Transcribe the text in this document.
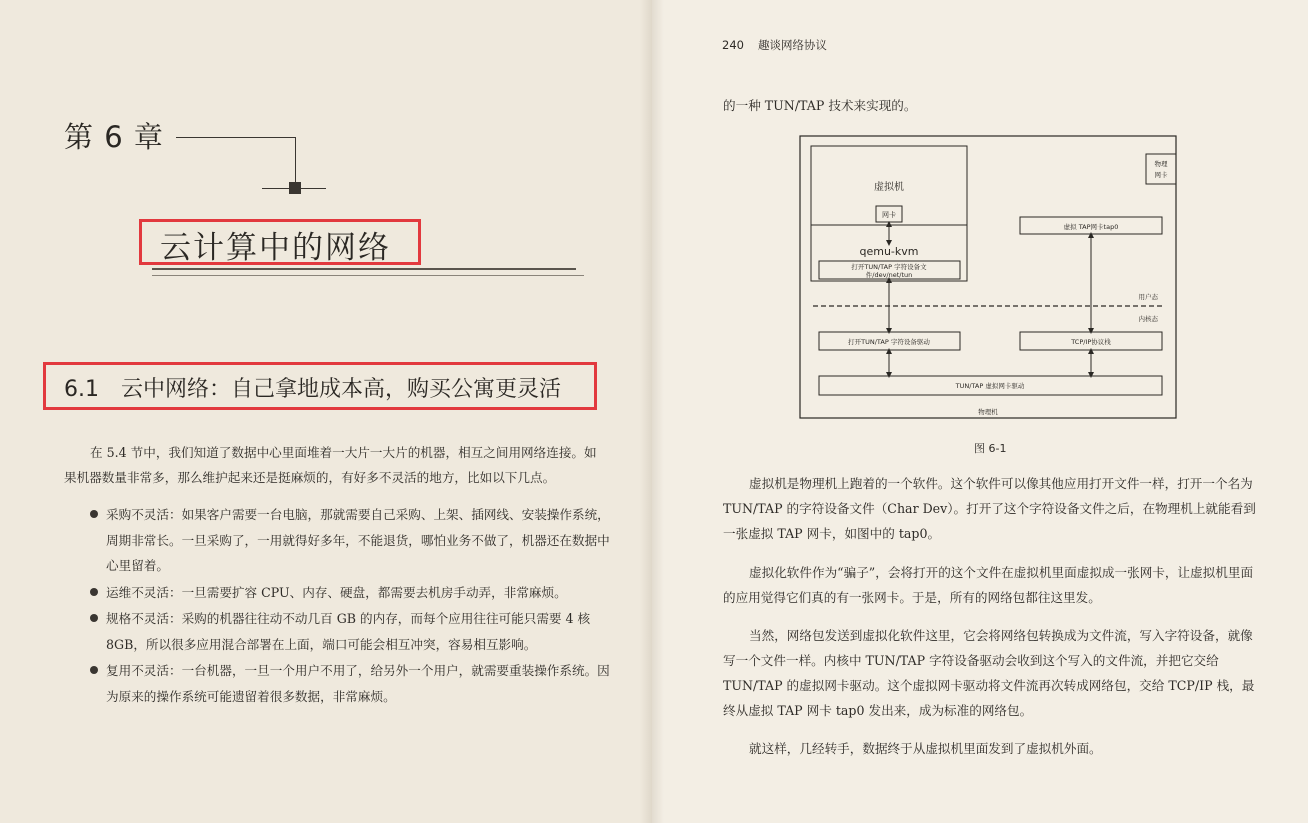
第 6 章
云计算中的网络
6.1　云中网络：自己拿地成本高，购买公寓更灵活
在 5.4 节中，我们知道了数据中心里面堆着一大片一大片的机器，相互之间用网络连接。如果机器数量非常多，那么维护起来还是挺麻烦的，有好多不灵活的地方，比如以下几点。
采购不灵活：如果客户需要一台电脑，那就需要自己采购、上架、插网线、安装操作系统，周期非常长。一旦采购了，一用就得好多年，不能退货，哪怕业务不做了，机器还在数据中心里留着。
运维不灵活：一旦需要扩容 CPU、内存、硬盘，都需要去机房手动弄，非常麻烦。
规格不灵活：采购的机器往往动不动几百 GB 的内存，而每个应用往往可能只需要 4 核 8GB，所以很多应用混合部署在上面，端口可能会相互冲突，容易相互影响。
复用不灵活：一台机器，一旦一个用户不用了，给另外一个用户，就需要重装操作系统。因为原来的操作系统可能遗留着很多数据，非常麻烦。
240 趣谈网络协议
的一种 TUN/TAP 技术来实现的。
虚拟机
网卡
qemu-kvm
打开TUN/TAP 字符设备文
件/dev/net/tun
物理
网卡
虚拟 TAP网卡tap0
用户态
内核态
打开TUN/TAP 字符设备驱动	TCP/IP协议栈
TUN/TAP 虚拟网卡驱动
物理机
图 6-1
虚拟机是物理机上跑着的一个软件。这个软件可以像其他应用打开文件一样，打开一个名为 TUN/TAP 的字符设备文件（Char Dev）。打开了这个字符设备文件之后，在物理机上就能看到一张虚拟 TAP 网卡，如图中的 tap0。
虚拟化软件作为“骗子”，会将打开的这个文件在虚拟机里面虚拟成一张网卡，让虚拟机里面的应用觉得它们真的有一张网卡。于是，所有的网络包都往这里发。
当然，网络包发送到虚拟化软件这里，它会将网络包转换成为文件流，写入字符设备，就像写一个文件一样。内核中 TUN/TAP 字符设备驱动会收到这个写入的文件流，并把它交给 TUN/TAP 的虚拟网卡驱动。这个虚拟网卡驱动将文件流再次转成网络包，交给 TCP/IP 栈，最终从虚拟 TAP 网卡 tap0 发出来，成为标准的网络包。
就这样，几经转手，数据终于从虚拟机里面发到了虚拟机外面。
